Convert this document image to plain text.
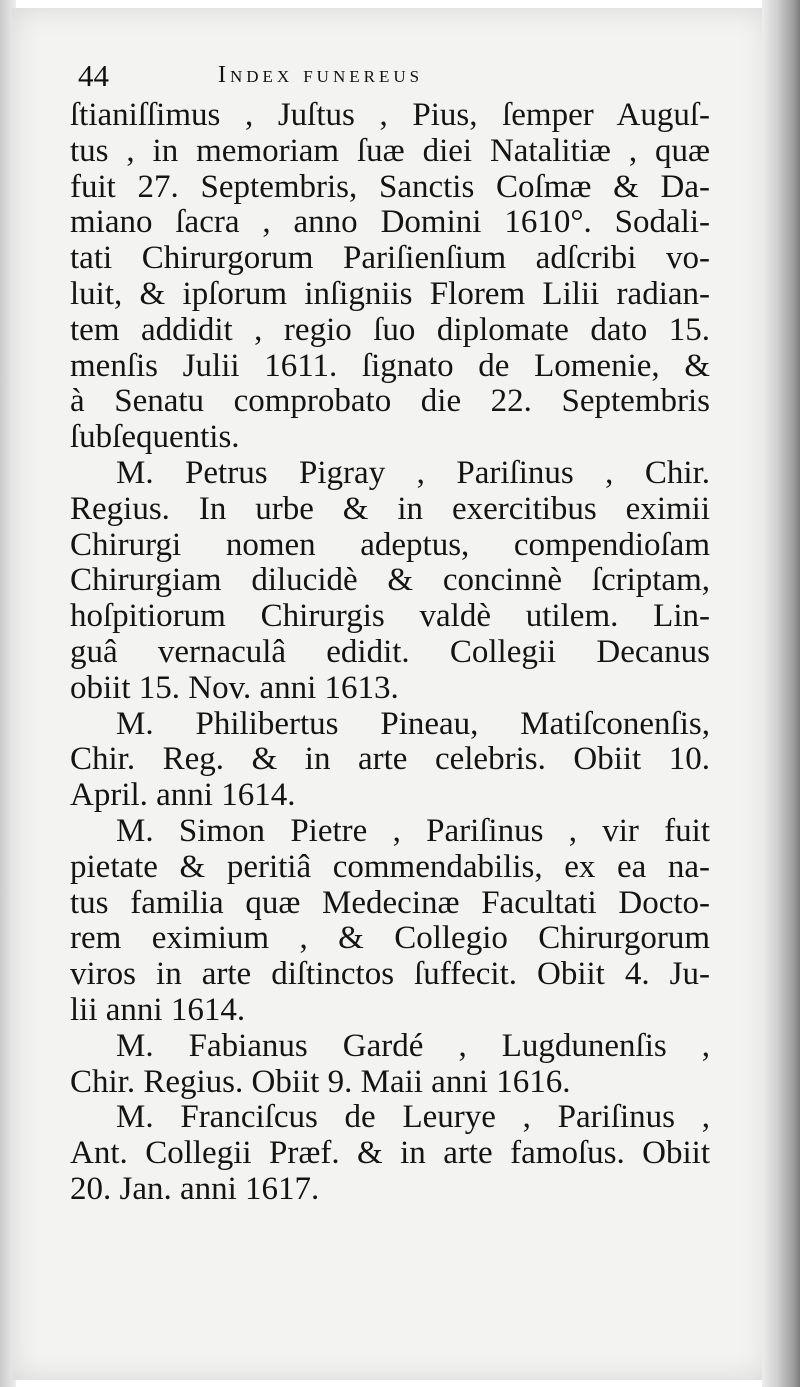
44	Index funereus
ſtianiſſimus , Juſtus , Pius, ſemper Auguſ-
tus , in memoriam ſuæ diei Natalitiæ , quæ
fuit 27. Septembris, Sanctis Coſmæ & Da-
miano ſacra , anno Domini 1610°. Sodali-
tati Chirurgorum Pariſienſium adſcribi vo-
luit, & ipſorum inſigniis Florem Lilii radian-
tem addidit , regio ſuo diplomate dato 15.
menſis Julii 1611. ſignato de Lomenie, &
à Senatu comprobato die 22. Septembris
ſubſequentis.
M. Petrus Pigray , Pariſinus , Chir.
Regius. In urbe & in exercitibus eximii
Chirurgi nomen adeptus, compendioſam
Chirurgiam dilucidè & concinnè ſcriptam,
hoſpitiorum Chirurgis valdè utilem. Lin-
guâ vernaculâ edidit. Collegii Decanus
obiit 15. Nov. anni 1613.
M. Philibertus Pineau, Matiſconenſis,
Chir. Reg. & in arte celebris. Obiit 10.
April. anni 1614.
M. Simon Pietre , Pariſinus , vir fuit
pietate & peritiâ commendabilis, ex ea na-
tus familia quæ Medecinæ Facultati Docto-
rem eximium , & Collegio Chirurgorum
viros in arte diſtinctos ſuffecit. Obiit 4. Ju-
lii anni 1614.
M. Fabianus Gardé , Lugdunenſis ,
Chir. Regius. Obiit 9. Maii anni 1616.
M. Franciſcus de Leurye , Pariſinus ,
Ant. Collegii Præf. & in arte famoſus. Obiit
20. Jan. anni 1617.
